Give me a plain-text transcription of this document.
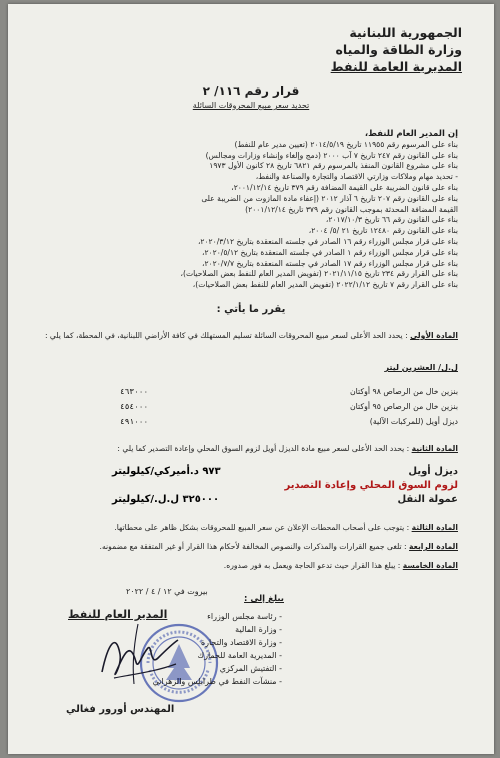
الجمهورية اللبنانية
وزارة الطاقة والمياه
المديرية العامة للنفط
قرار رقم ١١٦/ ٢
تحديد سعر مبيع المحروقات السائلة
إن المدير العام للنفط،
بناء على المرسوم رقم ١١٩٥٥ تاريخ ٢٠١٤/٥/١٩ (تعيين مدير عام للنفط)
بناء على القانون رقم ٢٤٧ تاريخ ٧ آب ٢٠٠٠ (دمج وإلغاء وإنشاء وزارات ومجالس)
بناء على مشروع القانون المنفذ بالمرسوم رقم ٦٨٢١ تاريخ ٢٨ كانون الأول ١٩٧٣
- تحديد مهام وملاكات وزارتي الاقتصاد والتجارة والصناعة والنفط،
بناء على قانون الضريبة على القيمة المضافة رقم ٣٧٩ تاريخ ٢٠٠١/١٢/١٤،
بناء على القانون رقم ٢٠٧ تاريخ ٦ آذار ٢٠١٢ (إعفاء مادة المازوت من الضريبة على
القيمة المضافة المحدثة بموجب القانون رقم ٣٧٩ تاريخ ٢٠٠١/١٢/١٤)
بناء على القانون رقم ٦٦ تاريخ ٢٠١٧/١٠/٣،
بناء على القانون رقم ١٢٤٨٠ تاريخ ٢١ /٥/ ٢٠٠٤،
بناء على قرار مجلس الوزراء رقم ١٦ الصادر في جلسته المنعقدة بتاريخ ٢٠٢٠/٣/١٢،
بناء على قرار مجلس الوزراء رقم ١ الصادر في جلسته المنعقدة بتاريخ ٢٠٢٠/٥/١٢،
بناء على قرار مجلس الوزراء رقم ١٧ الصادر في جلسته المنعقدة بتاريخ ٢٠٢٠/٧/٧،
بناء على القرار رقم ٢٣٤ تاريخ ٢٠٢١/١١/١٥ (تفويض المدير العام للنفط بعض الصلاحيات)،
بناء على القرار رقم ٧ تاريخ ٢٠٢٢/١/١٢ (تفويض المدير العام للنفط بعض الصلاحيات)،
يقرر ما يأتي :
المادة الأولى : يحدد الحد الأعلى لسعر مبيع المحروقات السائلة تسليم المستهلك في كافة الأراضي اللبنانية، في المحطة، كما يلي :
ل.ل/ العشرين ليتر
بنزين خال من الرصاص ٩٨ أوكتان
٤٦٣٠٠٠
بنزين خال من الرصاص ٩٥ أوكتان
٤٥٤٠٠٠
ديزل أويل (للمركبات الآلية)
٤٩١٠٠٠
المادة الثانية : يحدد الحد الأعلى لسعر مبيع مادة الديزل أويل لزوم السوق المحلي وإعادة التصدير كما يلي :
ديزل أويل
لزوم السوق المحلي وإعادة التصدير
عمولة النقل
٩٧٣ د.أميركي/كيلوليتر
٣٢٥٠٠٠ ل.ل./كيلوليتر
المادة الثالثة : يتوجب على أصحاب المحطات الإعلان عن سعر المبيع للمحروقات بشكل ظاهر على محطاتها.
المادة الرابعة : تلغى جميع القرارات والمذكرات والنصوص المخالفة لأحكام هذا القرار أو غير المتفقة مع مضمونه.
المادة الخامسة : يبلغ هذا القرار حيث تدعو الحاجة ويعمل به فور صدوره.
بيروت في ١٢ / ٤ / ٢٠٢٢
المدير العام للنفط
المهندس أورور فغالي
يبلغ إلى :
- رئاسة مجلس الوزراء
- وزارة المالية
- وزارة الاقتصاد والتجارة
- المديرية العامة للجمارك
- التفتيش المركزي
- منشآت النفط في طرابلس والزهراني
